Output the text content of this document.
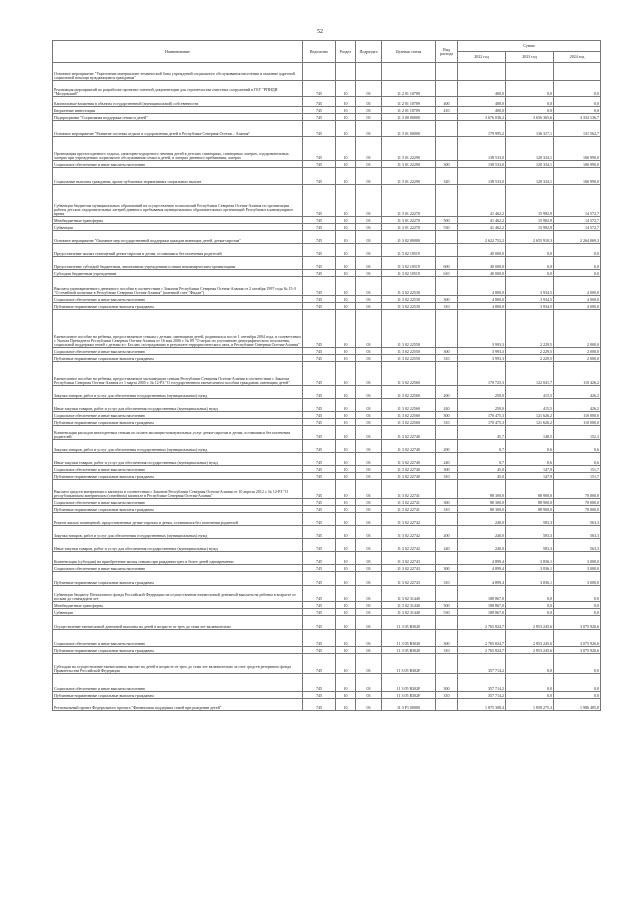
52
Наименование	Ведомство	Раздел	Подраздел	Целевая статья	Вид расхода	Сумма		
						2022 год	2023 год	2024 год
Основное мероприятие "Укрепление материально-технической базы учреждений социального обслуживания населения и оказание адресной социальной помощи нуждающимся гражданам"								
Реализация мероприятий по разработке проектно-сметной документации для строительства очистных сооружений в ГБУ "РПНДИ "Моздокский"	745	10	03	11 2 01 10709		400,0	0,0	0,0
Капитальные вложения в объекты государственной (муниципальной) собственности	745	10	03	11 2 01 10709	400	400,0	0,0	0,0
Бюджетные инвестиции	745	10	03	11 2 01 10709	410	400,0	0,0	0,0
Подпрограмма "Социальная поддержка семьи и детей"	745	10	03	11 3 00 00000		3 676 036,2	3 656 365,6	3 332 136,7
Основное мероприятие "Развитие системы отдыха и оздоровления детей в Республике Северная Осетия – Алания"	745	10	03	11 3 01 00000		179 995,2	136 317,1	131 562,7
Организация круглогодичного отдыха, санаторно-курортного лечения детей в детских санаториях, санаторных лагерях, оздоровительных лагерях при учреждениях социального обслуживания семьи и детей, в лагерях дневного пребывания, лагерях	745	10	03	11 3 01 22290		138 533,0	120 334,1	106 990,0
Социальное обеспечение и иные выплаты населению	745	10	03	11 3 01 22290	300	138 533,0	120 334,1	106 990,0
Социальные выплаты гражданам, кроме публичных нормативных социальных выплат	745	10	03	11 3 01 22290	320	138 533,0	120 334,1	106 990,0
Субвенции бюджетам муниципальных образований на осуществление полномочий Республики Северная Осетия-Алания по организации работы детских оздоровительных лагерей дневного пребывания муниципальных образовательных организаций Республики в каникулярное время	745	10	03	11 3 01 22270		41 462,2	15 982,9	14 572,7
Межбюджетные трансферты	745	10	03	11 3 01 22270	500	41 462,2	15 982,9	14 572,7
Субвенции	745	10	03	11 3 01 22270	530	41 462,2	15 982,9	14 572,7
Основное мероприятие "Оказание мер государственной поддержки граждан имеющих детей, детям-сиротам"	745	10	03	11 3 02 00000		2 622 752,2	2 655 910,3	2 264 069,3
Предоставление жилых помещений детям-сиротам и детям, оставшимся без попечения родителей	745	10	03	11 3 02 10519		40 000,0	0,0	0,0
Предоставление субсидий бюджетным, автономным учреждениям и иным некоммерческим организациям	745	10	03	11 3 02 10519	600	40 000,0	0,0	0,0
Субсидии бюджетным учреждениям	745	10	03	11 3 02 10519	610	40 000,0	0,0	0,0
Выплата единовременного денежного пособия в соответствии с Законом Республики Северная Осетия-Алания от 2 октября 1997 года № 15-З "О семейной политике в Республике Северная Осетия-Алания" (именной счет "Фидан")	745	10	03	11 3 02 22530		4 800,0	3 934,5	4 000,0
Социальное обеспечение и иные выплаты населению	745	10	03	11 3 02 22530	300	4 800,0	3 934,5	4 000,0
Публичные нормативные социальные выплаты гражданам	745	10	03	11 3 02 22530	310	4 800,0	3 934,5	4 000,0
Ежемесячное пособие на ребенка, предоставляемое семьям с детьми, имеющими детей, родившихся после 1 сентября 2004 года, в соответствии с Указом Президента Республики Северная Осетия-Алания от 16 мая 2006 г. № 89 "О мерах по улучшению демографического положения, социальной поддержки семей с детьми в г. Беслан, пострадавших в результате террористического акта, в Республике Северная Осетия-Алания"	745	10	03	11 3 02 22550		3 993,3	2 229,5	2 000,0
Социальное обеспечение и иные выплаты населению	745	10	03	11 3 02 22550	300	3 993,3	2 229,5	2 000,0
Публичные нормативные социальные выплаты гражданам	745	10	03	11 3 02 22550	310	3 993,3	2 229,5	2 000,0
Ежемесячное пособие на ребенка, предоставляемое малоимущим семьям Республики Северная Осетия-Алания в соответствии с Законом Республики Северная Осетия-Алания от 1 марта 2005 г. № 12-РЗ "О государственном ежемесячном пособии гражданам, имеющим детей"	745	10	03	11 3 02 22560		170 725,3	122 041,7	110 426,2
Закупка товаров, работ и услуг для обеспечения государственных (муниципальных) нужд	745	10	03	11 3 02 22560	200	250,0	415,5	426,2
Иные закупки товаров, работ и услуг для обеспечения государственных (муниципальных) нужд	745	10	03	11 3 02 22560	240	250,0	415,5	426,2
Социальное обеспечение и иные выплаты населению	745	10	03	11 3 02 22560	300	170 475,3	121 626,2	110 000,0
Публичные нормативные социальные выплаты гражданам	745	10	03	11 3 02 22560	310	170 475,3	121 626,2	110 000,0
Компенсация расходов многодетным семьям по оплате жилищно-коммунальных услуг детям-сиротам и детям, оставшимся без попечения родителей	745	10	03	11 3 02 22740		45,7	148,5	152,3
Закупка товаров, работ и услуг для обеспечения государственных (муниципальных) нужд	745	10	03	11 3 02 22740	200	0,7	0,6	0,6
Иные закупки товаров, работ и услуг для обеспечения государственных (муниципальных) нужд	745	10	03	11 3 02 22740	240	0,7	0,6	0,6
Социальное обеспечение и иные выплаты населению	745	10	03	11 3 02 22740	300	45,0	147,9	151,7
Публичные нормативные социальные выплаты гражданам	745	10	03	11 3 02 22740	310	45,0	147,9	151,7
Выплата средств материнского капитала в соответствии с Законом Республики Северная Осетия-Алания от 10 апреля 2012 г. № 12-РЗ "О республиканском материнском (семейном) капитале в Республике Северная Осетия-Алания"	745	10	03	11 3 02 22741		88 300,0	88 900,0	70 000,0
Социальное обеспечение и иные выплаты населению	745	10	03	11 3 02 22741	300	88 300,0	88 900,0	70 000,0
Публичные нормативные социальные выплаты гражданам	745	10	03	11 3 02 22741	310	88 300,0	88 900,0	70 000,0
Ремонт жилых помещений, предоставленных детям-сиротам и детям, оставшимся без попечения родителей	745	10	03	11 3 02 22742		240,0	583,3	563,3
Закупка товаров, работ и услуг для обеспечения государственных (муниципальных) нужд	745	10	03	11 3 02 22742	200	240,0	583,3	563,3
Иные закупки товаров, работ и услуг для обеспечения государственных (муниципальных) нужд	745	10	03	11 3 02 22742	240	240,0	583,3	563,3
Компенсация (субсидия) на приобретение жилья семьям при рождении трех и более детей одновременно	745	10	03	11 3 02 22743		4 899,4	3 836,1	3 000,0
Социальное обеспечение и иные выплаты населению	745	10	03	11 3 02 22743	300	4 899,4	3 836,1	3 000,0
Публичные нормативные социальные выплаты гражданам	745	10	03	11 3 02 22743	310	4 899,4	3 836,1	3 000,0
Субвенции бюджету Пенсионного фонда Российской Федерации на осуществление ежемесячной денежной выплаты на ребенка в возрасте от восьми до семнадцати лет	745	10	03	11 3 02 31440		188 867,0	0,0	0,0
Межбюджетные трансферты	745	10	03	11 3 02 31440	500	188 867,0	0,0	0,0
Субвенции	745	10	03	11 3 02 31440	530	188 867,0	0,0	0,0
Осуществление ежемесячной денежной выплаты на детей в возрасте от трех до семи лет включительно	745	10	03	11 3 05 R3020		2 765 824,7	2 853 245,6	3 075 926,6
Социальное обеспечение и иные выплаты населению	745	10	03	11 3 05 R3020	300	2 765 824,7	2 853 245,6	3 075 926,6
Публичные нормативные социальные выплаты гражданам	745	10	03	11 3 05 R3020	310	2 765 824,7	2 853 245,6	3 075 926,6
Субсидии на осуществление ежемесячных выплат на детей в возрасте от трех до семи лет включительно за счет средств резервного фонда Правительства Российской Федерации	745	10	03	11 3 05 R302F		357 714,2	0,0	0,0
Социальное обеспечение и иные выплаты населению	745	10	03	11 3 05 R302F	300	357 714,2	0,0	0,0
Публичные нормативные социальные выплаты гражданам	745	10	03	11 3 05 R302F	310	357 714,2	0,0	0,0
Региональный проект Федерального проекта "Финансовая поддержка семей при рождении детей"	745	10	03	11 3 P1 00000		1 875 308,4	1 858 275,3	1 986 485,8
